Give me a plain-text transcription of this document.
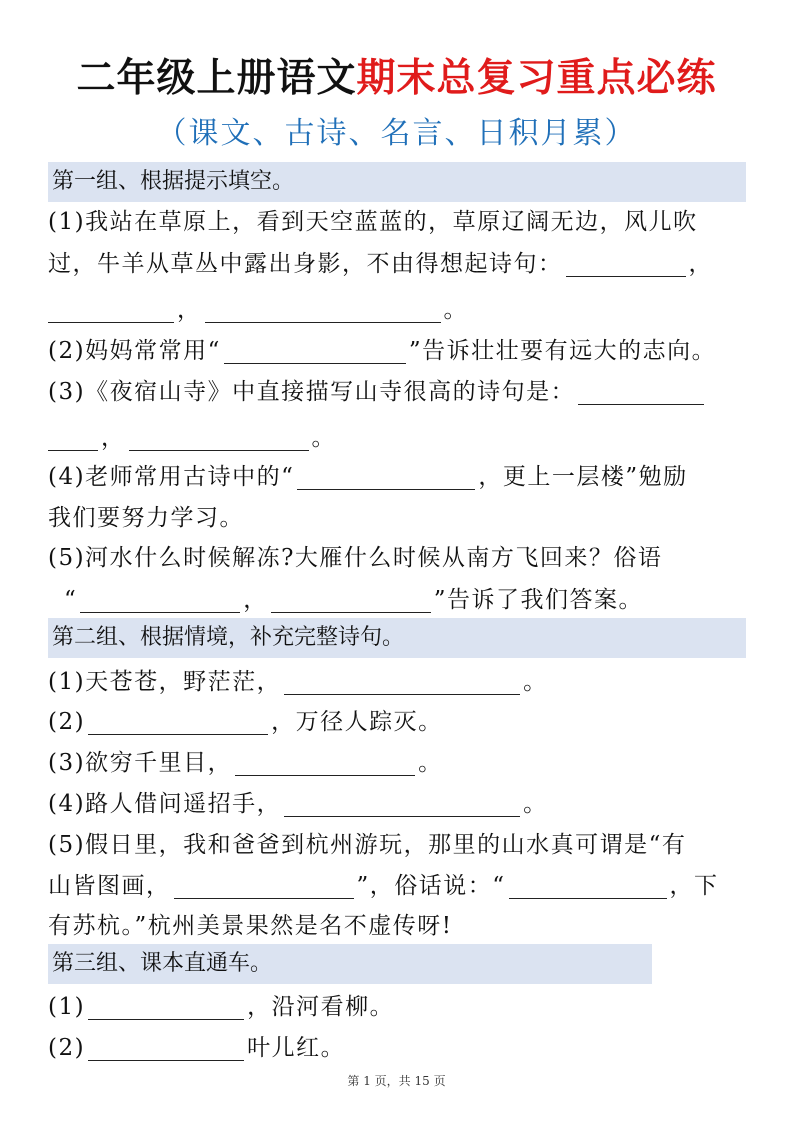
二年级上册语文期末总复习重点必练
（课文、古诗、名言、日积月累）
第一组、根据提示填空。
(1)我站在草原上，看到天空蓝蓝的，草原辽阔无边，风儿吹
过，牛羊从草丛中露出身影，不由得想起诗句：	，
，	。
(2)妈妈常常用“	”告诉壮壮要有远大的志向。
(3)《夜宿山寺》中直接描写山寺很高的诗句是：
，	。
(4)老师常用古诗中的“	，更上一层楼”勉励
我们要努力学习。
(5)河水什么时候解冻?大雁什么时候从南方飞回来？俗语
“	，	”告诉了我们答案。
第二组、根据情境，补充完整诗句。
(1)天苍苍，野茫茫，	。
(2)	，万径人踪灭。
(3)欲穷千里目，	。
(4)路人借问遥招手，	。
(5)假日里，我和爸爸到杭州游玩，那里的山水真可谓是“有
山皆图画，	”，俗话说：“	，下
有苏杭。”杭州美景果然是名不虚传呀!
第三组、课本直通车。
(1)	，沿河看柳。
(2)	叶儿红。
第 1 页，共 15 页
